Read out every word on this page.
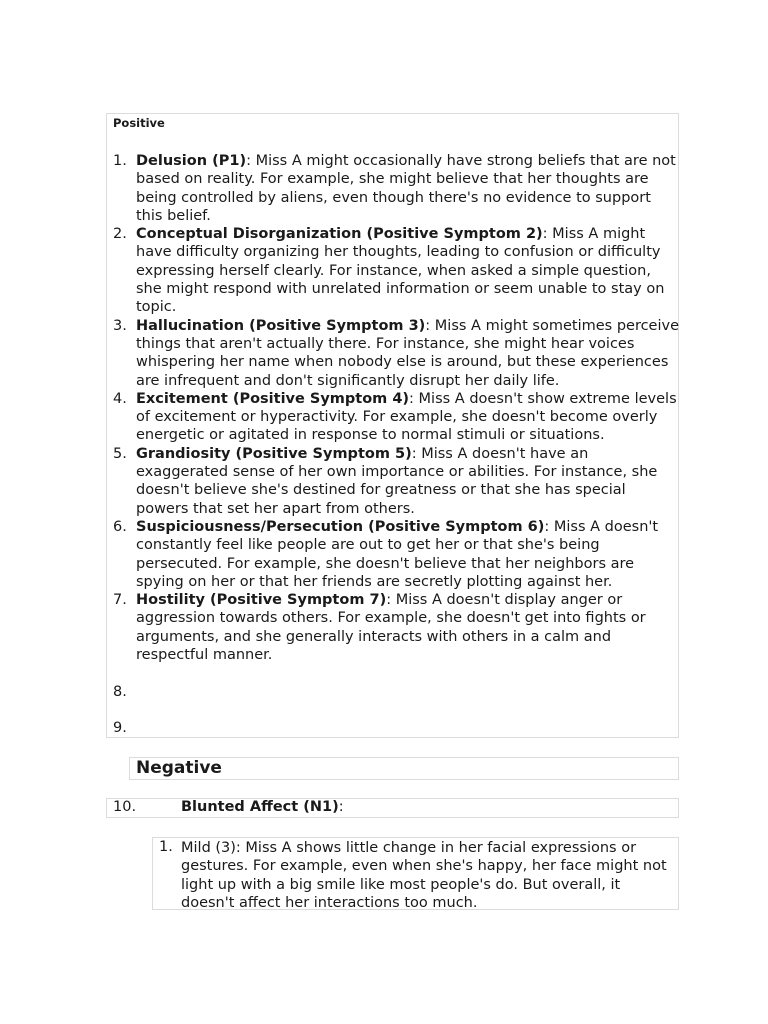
Positive
1. Delusion (P1): Miss A might occasionally have strong beliefs that are not based on reality. For example, she might believe that her thoughts are being controlled by aliens, even though there's no evidence to support this belief.
2. Conceptual Disorganization (Positive Symptom 2): Miss A might have difficulty organizing her thoughts, leading to confusion or difficulty expressing herself clearly. For instance, when asked a simple question, she might respond with unrelated information or seem unable to stay on topic.
3. Hallucination (Positive Symptom 3): Miss A might sometimes perceive things that aren't actually there. For instance, she might hear voices whispering her name when nobody else is around, but these experiences are infrequent and don't significantly disrupt her daily life.
4. Excitement (Positive Symptom 4): Miss A doesn't show extreme levels of excitement or hyperactivity. For example, she doesn't become overly energetic or agitated in response to normal stimuli or situations.
5. Grandiosity (Positive Symptom 5): Miss A doesn't have an exaggerated sense of her own importance or abilities. For instance, she doesn't believe she's destined for greatness or that she has special powers that set her apart from others.
6. Suspiciousness/Persecution (Positive Symptom 6): Miss A doesn't constantly feel like people are out to get her or that she's being persecuted. For example, she doesn't believe that her neighbors are spying on her or that her friends are secretly plotting against her.
7. Hostility (Positive Symptom 7): Miss A doesn't display anger or aggression towards others. For example, she doesn't get into fights or arguments, and she generally interacts with others in a calm and respectful manner.
8.
9.
Negative
10.	Blunted Affect (N1):
1. Mild (3): Miss A shows little change in her facial expressions or gestures. For example, even when she's happy, her face might not light up with a big smile like most people's do. But overall, it doesn't affect her interactions too much.
